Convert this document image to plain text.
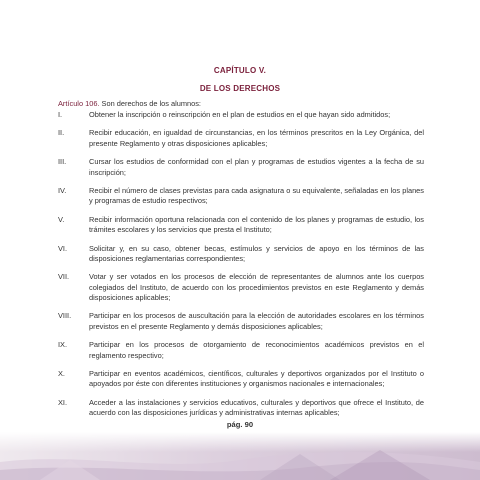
CAPÍTULO V.
DE LOS DERECHOS
Artículo 106. Son derechos de los alumnos:
I.	Obtener la inscripción o reinscripción en el plan de estudios en el que hayan sido admitidos;
II.	Recibir educación, en igualdad de circunstancias, en los términos prescritos en la Ley Orgánica, del presente Reglamento y otras disposiciones aplicables;
III.	Cursar los estudios de conformidad con el plan y programas de estudios vigentes a la fecha de su inscripción;
IV.	Recibir el número de clases previstas para cada asignatura o su equivalente, señaladas en los planes y programas de estudio respectivos;
V.	Recibir información oportuna relacionada con el contenido de los planes y programas de estudio, los trámites escolares y los servicios que presta el Instituto;
VI.	Solicitar y, en su caso, obtener becas, estímulos y servicios de apoyo en los términos de las disposiciones reglamentarias correspondientes;
VII.	Votar y ser votados en los procesos de elección de representantes de alumnos ante los cuerpos colegiados del Instituto, de acuerdo con los procedimientos previstos en este Reglamento y demás disposiciones aplicables;
VIII.	Participar en los procesos de auscultación para la elección de autoridades escolares en los términos previstos en el presente Reglamento y demás disposiciones aplicables;
IX.	Participar en los procesos de otorgamiento de reconocimientos académicos previstos en el reglamento respectivo;
X.	Participar en eventos académicos, científicos, culturales y deportivos organizados por el Instituto o apoyados por éste con diferentes instituciones y organismos nacionales e internacionales;
XI.	Acceder a las instalaciones y servicios educativos, culturales y deportivos que ofrece el Instituto, de acuerdo con las disposiciones jurídicas y administrativas internas aplicables;
pág. 90
